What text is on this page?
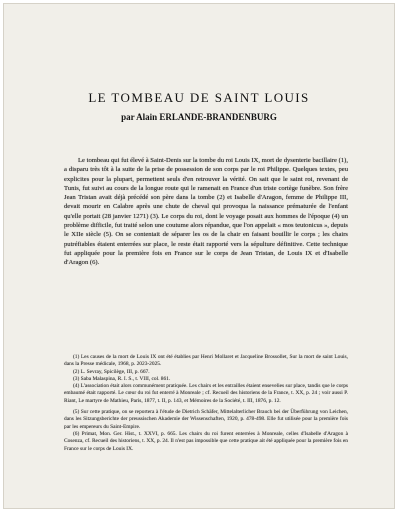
LE TOMBEAU DE SAINT LOUIS
par Alain ERLANDE-BRANDENBURG

Le tombeau qui fut élevé à Saint-Denis sur la tombe du roi Louis IX, mort de dysenterie bacillaire (1), a disparu très tôt à la suite de la prise de possession de son corps par le roi Philippe. Quelques textes, peu explicites pour la plupart, permettent seuls d'en retrouver la vérité. On sait que le saint roi, revenant de Tunis, fut suivi au cours de la longue route qui le ramenait en France d'un triste cortège funèbre. Son frère Jean Tristan avait déjà précédé son père dans la tombe (2) et Isabelle d'Aragon, femme de Philippe III, devait mourir en Calabre après une chute de cheval qui provoqua la naissance prématurée de l'enfant qu'elle portait (28 janvier 1271) (3). Le corps du roi, dont le voyage posait aux hommes de l'époque (4) un problème difficile, fut traité selon une coutume alors répandue, que l'on appelait « mos teutonicus », depuis le XIIe siècle (5). On se contentait de séparer les os de la chair en faisant bouillir le corps ; les chairs putréfiables étaient enterrées sur place, le reste était rapporté vers la sépulture définitive. Cette technique fut appliquée pour la première fois en France sur le corps de Jean Tristan, de Louis IX et d'Isabelle d'Aragon (6).

(1) Les causes de la mort de Louis IX ont été établies par Henri Mollaret et Jacqueline Brossollet, Sur la mort de saint Louis, dans la Presse médicale, 1968, p. 2023-2025.

(2) L. Sevray, Spicilège, III, p. 667.

(3) Saba Malaspina, R. I. S., t. VIII, col. 861.

(4) L'association était alors communément pratiquée. Les chairs et les entrailles étaient ensevelies sur place, tandis que le corps embaumé était rapporté. Le cœur du roi fut enterré à Monreale ; cf. Recueil des historiens de la France, t. XX, p. 24 ; voir aussi P. Riant, Le martyre de Mathieu, Paris, 1877, t. II, p. 143, et Mémoires de la Société, t. III, 1876, p. 12.

(5) Sur cette pratique, on se reportera à l'étude de Dietrich Schäfer, Mittelalterlicher Brauch bei der Überführung von Leichen, dans les Sitzungsberichte der preussischen Akademie der Wissenschaften, 1920, p. 478-498. Elle fut utilisée pour la première fois par les empereurs du Saint-Empire.

(6) Primat, Mon. Ger. Hist., t. XXVI, p. 665. Les chairs du roi furent enterrées à Monreale, celles d'Isabelle d'Aragon à Cosenza, cf. Recueil des historiens, t. XX, p. 24. Il n'est pas impossible que cette pratique ait été appliquée pour la première fois en France sur le corps de Louis IX.
